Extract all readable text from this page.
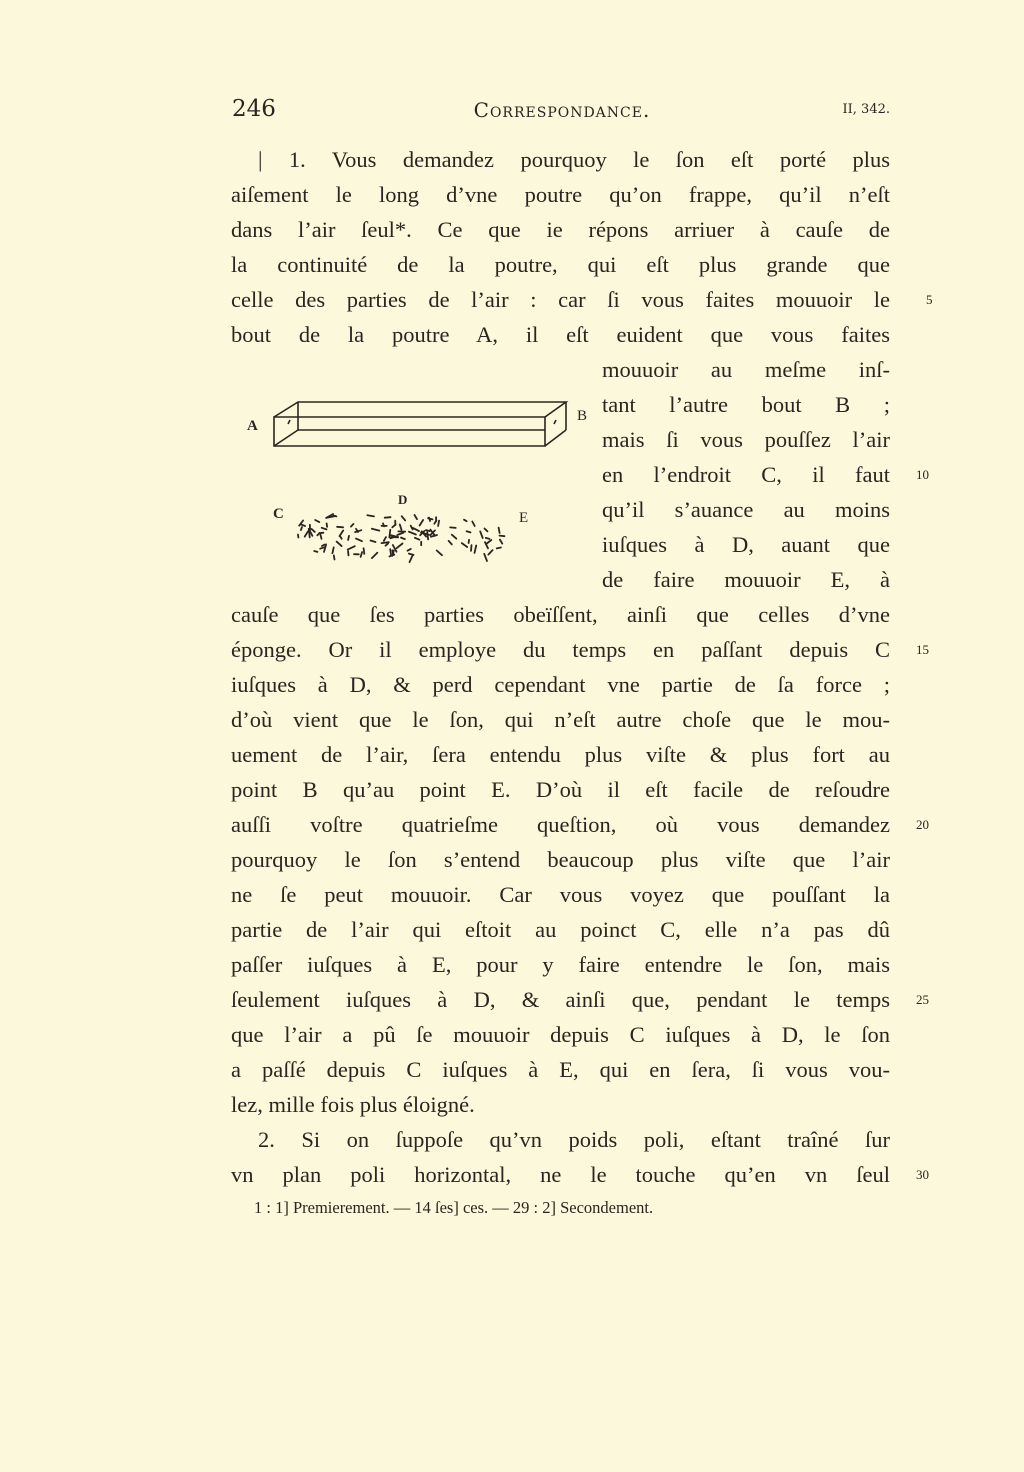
246	Correspondance.	II, 342.
| 1. Vous demandez pourquoy le ſon eſt porté plus
aiſement le long d’vne poutre qu’on frappe, qu’il n’eſt
dans l’air ſeul*. Ce que ie répons arriuer à cauſe de
la continuité de la poutre, qui eſt plus grande que
celle des parties de l’air : car ſi vous faites mouuoir le
bout de la poutre A, il eſt euident que vous faites
mouuoir au meſme inſ-
tant l’autre bout B ;
mais ſi vous pouſſez l’air
en l’endroit C, il faut
qu’il s’auance au moins
iuſques à D, auant que
de faire mouuoir E, à
A
B
C
D
E
cauſe que ſes parties obeïſſent, ainſi que celles d’vne
éponge. Or il employe du temps en paſſant depuis C
iuſques à D, & perd cependant vne partie de ſa force ;
d’où vient que le ſon, qui n’eſt autre choſe que le mou-
uement de l’air, ſera entendu plus viſte & plus fort au
point B qu’au point E. D’où il eſt facile de reſoudre
auſſi voſtre quatrieſme queſtion, où vous demandez
pourquoy le ſon s’entend beaucoup plus viſte que l’air
ne ſe peut mouuoir. Car vous voyez que pouſſant la
partie de l’air qui eſtoit au poinct C, elle n’a pas dû
paſſer iuſques à E, pour y faire entendre le ſon, mais
ſeulement iuſques à D, & ainſi que, pendant le temps
que l’air a pû ſe mouuoir depuis C iuſques à D, le ſon
a paſſé depuis C iuſques à E, qui en ſera, ſi vous vou-
lez, mille fois plus éloigné.
2. Si on ſuppoſe qu’vn poids poli, eſtant traîné ſur
vn plan poli horizontal, ne le touche qu’en vn ſeul
5
10
15
20
25
30
1 : 1] Premierement. — 14 ſes] ces. — 29 : 2] Secondement.
